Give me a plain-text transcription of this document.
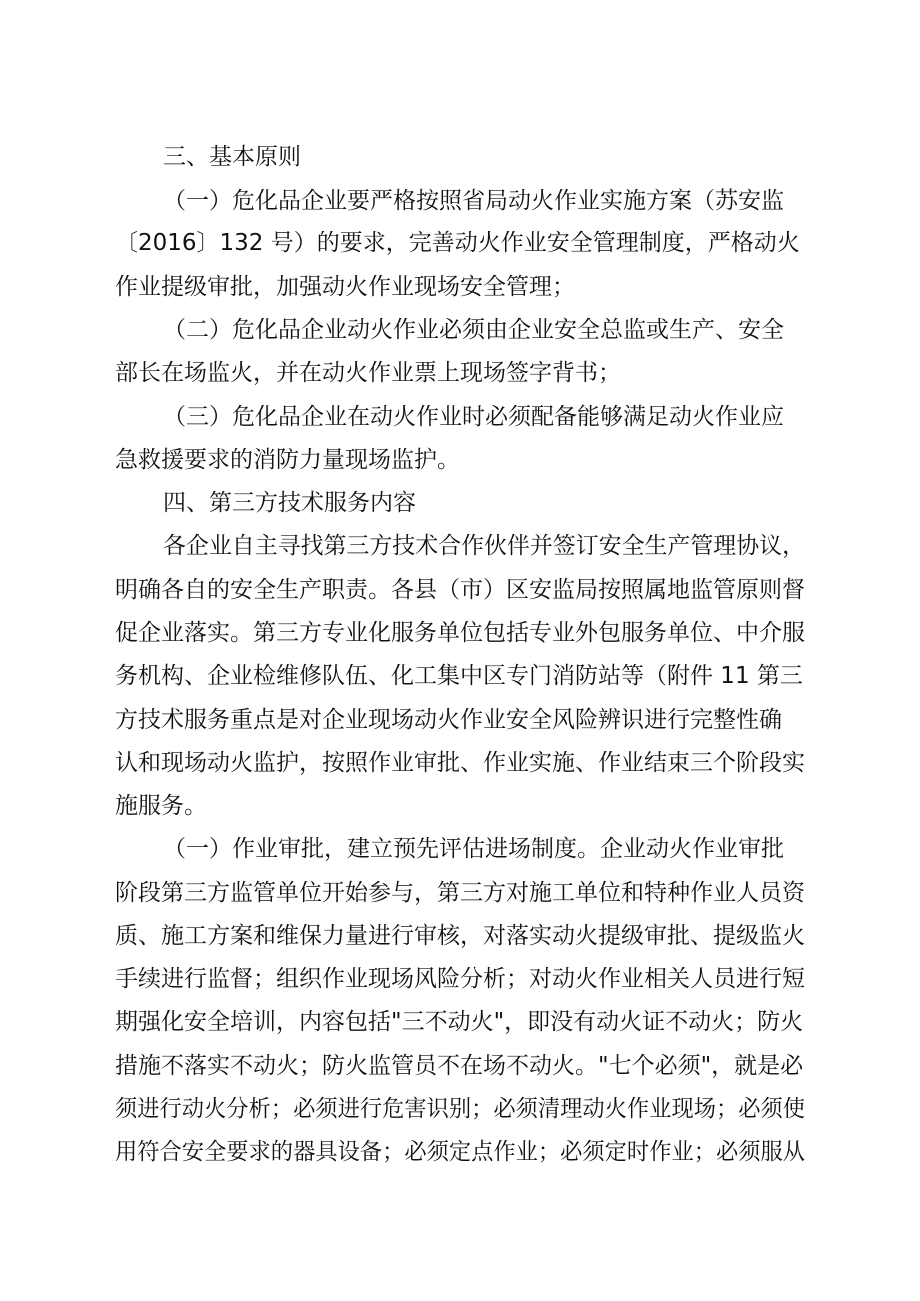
三、基本原则
（一）危化品企业要严格按照省局动火作业实施方案（苏安监
〔2016〕132 号）的要求，完善动火作业安全管理制度，严格动火
作业提级审批，加强动火作业现场安全管理；
（二）危化品企业动火作业必须由企业安全总监或生产、安全
部长在场监火，并在动火作业票上现场签字背书；
（三）危化品企业在动火作业时必须配备能够满足动火作业应
急救援要求的消防力量现场监护。
四、第三方技术服务内容
各企业自主寻找第三方技术合作伙伴并签订安全生产管理协议，
明确各自的安全生产职责。各县（市）区安监局按照属地监管原则督
促企业落实。第三方专业化服务单位包括专业外包服务单位、中介服
务机构、企业检维修队伍、化工集中区专门消防站等（附件 11 第三
方技术服务重点是对企业现场动火作业安全风险辨识进行完整性确
认和现场动火监护，按照作业审批、作业实施、作业结束三个阶段实
施服务。
（一）作业审批，建立预先评估进场制度。企业动火作业审批
阶段第三方监管单位开始参与，第三方对施工单位和特种作业人员资
质、施工方案和维保力量进行审核，对落实动火提级审批、提级监火
手续进行监督；组织作业现场风险分析；对动火作业相关人员进行短
期强化安全培训，内容包括"三不动火"，即没有动火证不动火；防火
措施不落实不动火；防火监管员不在场不动火。"七个必须"，就是必
须进行动火分析；必须进行危害识别；必须清理动火作业现场；必须使
用符合安全要求的器具设备；必须定点作业；必须定时作业；必须服从
